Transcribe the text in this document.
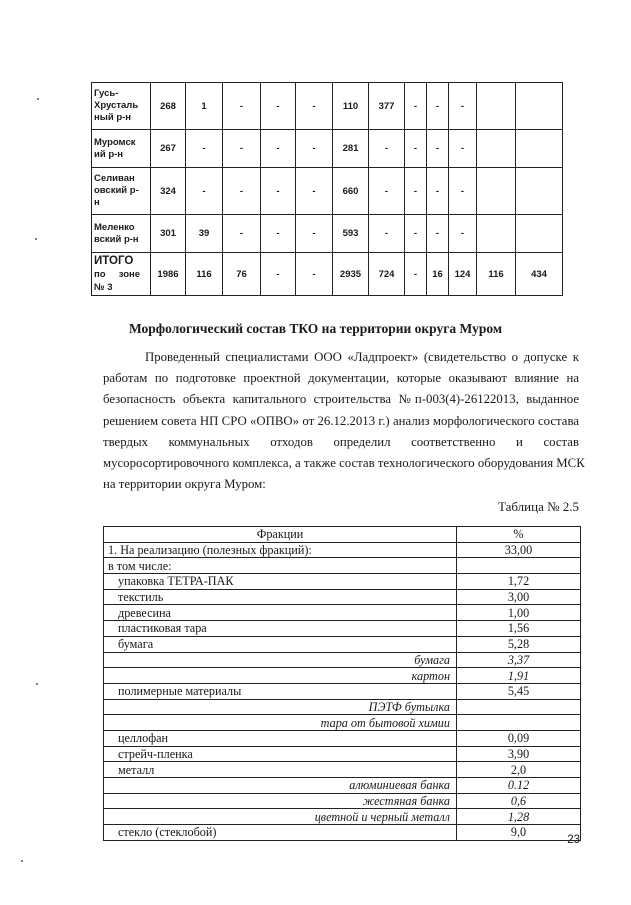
Гусь-
Хрусталь
ный р-н	268	1	-	-	-	110	377	-	-	-		

Муромск
ий р-н	267	-	-	-	-	281	-	-	-	-		

Селиван
овский р-
н	324	-	-	-	-	660	-	-	-	-		

Меленко
вский р-н	301	39	-	-	-	593	-	-	-	-		

ИТОГО
по     зоне
№ 3	1986	116	76	-	-	2935	724	-	16	124	116	434
Морфологический состав ТКО на территории округа Муром
Проведенный специалистами ООО «Ладпроект» (свидетельство о допуске к
работам по подготовке проектной документации, которые оказывают влияние на
безопасность объекта капитального строительства №п-003(4)-26122013, выданное
решением совета НП СРО «ОПВО» от 26.12.2013 г.) анализ морфологического состава
твердых коммунальных отходов определил соответственно и состав
мусоросортировочного комплекса, а также состав технологического оборудования МСК
на территории округа Муром:
Таблица № 2.5
Фракции	%
1. На реализацию (полезных фракций):	33,00
в том числе:	
упаковка ТЕТРА-ПАК	1,72
текстиль	3,00
древесина	1,00
пластиковая тара	1,56
бумага	5,28
бумага	3,37
картон	1,91
полимерные материалы	5,45
ПЭТФ бутылка	
тара от бытовой химии	
целлофан	0,09
стрейч-пленка	3,90
металл	2,0
алюминиевая банка	0.12
жестяная банка	0,6
цветной и черный металл	1,28
стекло (стеклобой)	9,0
23
